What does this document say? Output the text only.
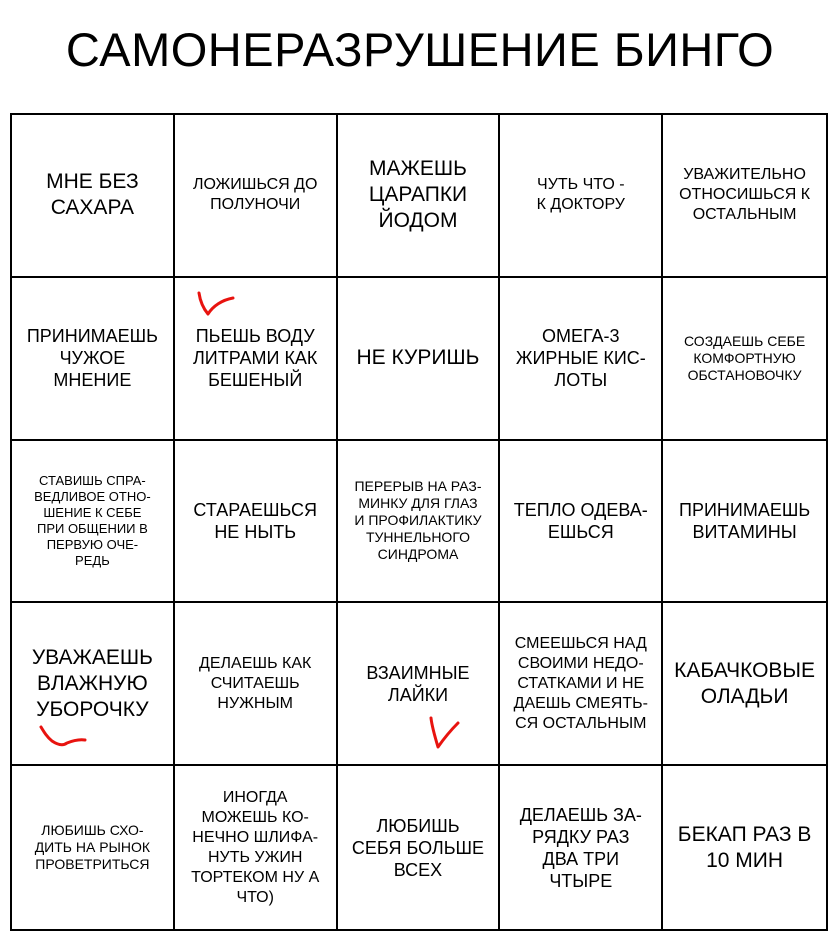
САМОНЕРАЗРУШЕНИЕ БИНГО
МНЕ БЕЗ
САХАРА
ЛОЖИШЬСЯ ДО
ПОЛУНОЧИ
МАЖЕШЬ
ЦАРАПКИ
ЙОДОМ
ЧУТЬ ЧТО -
К ДОКТОРУ
УВАЖИТЕЛЬНО
ОТНОСИШЬСЯ К
ОСТАЛЬНЫМ
ПРИНИМАЕШЬ
ЧУЖОЕ
МНЕНИЕ
ПЬЕШЬ ВОДУ
ЛИТРАМИ КАК
БЕШЕНЫЙ
НЕ КУРИШЬ
ОМЕГА-3
ЖИРНЫЕ КИС-
ЛОТЫ
СОЗДАЕШЬ СЕБЕ
КОМФОРТНУЮ
ОБСТАНОВОЧКУ
СТАВИШЬ СПРА-
ВЕДЛИВОЕ ОТНО-
ШЕНИЕ К СЕБЕ
ПРИ ОБЩЕНИИ В
ПЕРВУЮ ОЧЕ-
РЕДЬ
СТАРАЕШЬСЯ
НЕ НЫТЬ
ПЕРЕРЫВ НА РАЗ-
МИНКУ ДЛЯ ГЛАЗ
И ПРОФИЛАКТИКУ
ТУННЕЛЬНОГО
СИНДРОМА
ТЕПЛО ОДЕВА-
ЕШЬСЯ
ПРИНИМАЕШЬ
ВИТАМИНЫ
УВАЖАЕШЬ
ВЛАЖНУЮ
УБОРОЧКУ
ДЕЛАЕШЬ КАК
СЧИТАЕШЬ
НУЖНЫМ
ВЗАИМНЫЕ
ЛАЙКИ
СМЕЕШЬСЯ НАД
СВОИМИ НЕДО-
СТАТКАМИ И НЕ
ДАЕШЬ СМЕЯТЬ-
СЯ ОСТАЛЬНЫМ
КАБАЧКОВЫЕ
ОЛАДЬИ
ЛЮБИШЬ СХО-
ДИТЬ НА РЫНОК
ПРОВЕТРИТЬСЯ
ИНОГДА
МОЖЕШЬ КО-
НЕЧНО ШЛИФА-
НУТЬ УЖИН
ТОРТЕКОМ НУ А
ЧТО)
ЛЮБИШЬ
СЕБЯ БОЛЬШЕ
ВСЕХ
ДЕЛАЕШЬ ЗА-
РЯДКУ РАЗ
ДВА ТРИ
ЧТЫРЕ
БЕКАП РАЗ В
10 МИН
